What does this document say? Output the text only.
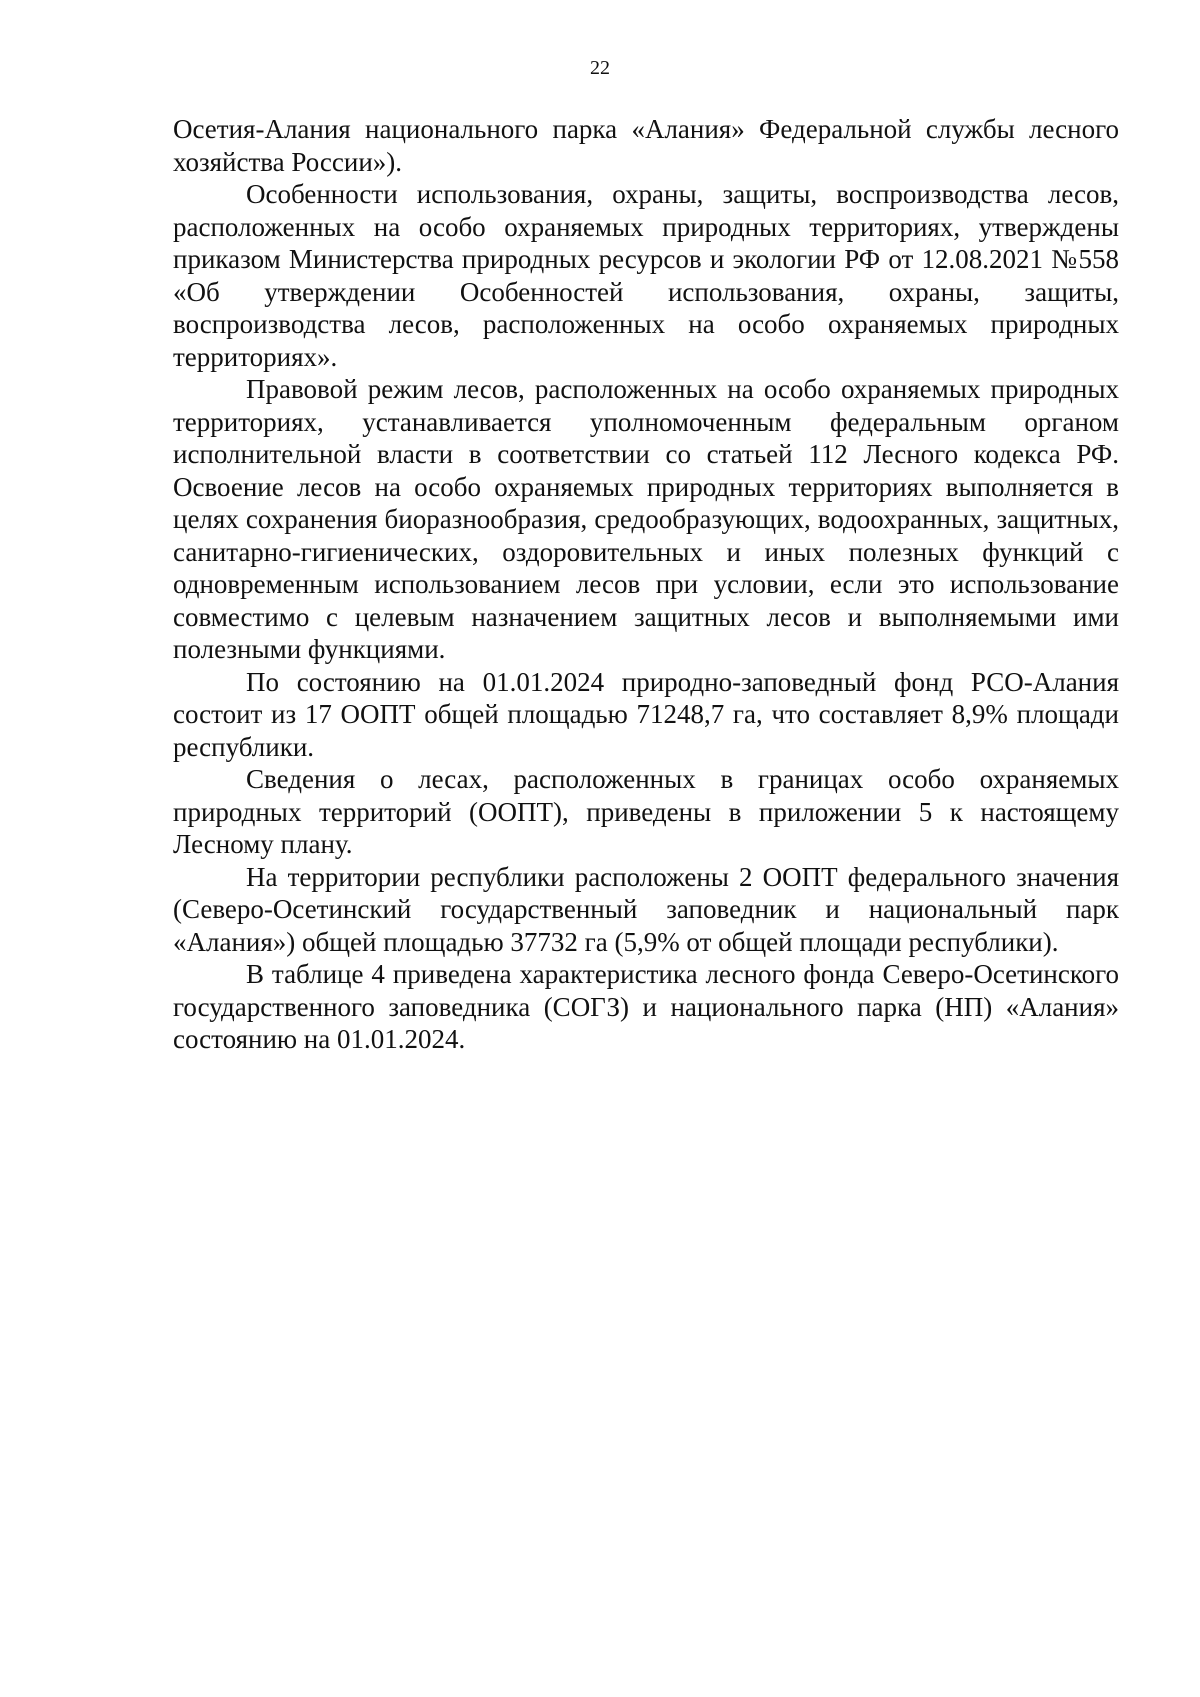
22

Осетия-Алания национального парка «Алания» Федеральной службы лесного хозяйства России»).

Особенности использования, охраны, защиты, воспроизводства лесов, расположенных на особо охраняемых природных территориях, утверждены приказом Министерства природных ресурсов и экологии РФ от 12.08.2021 №558 «Об утверждении Особенностей использования, охраны, защиты, воспроизводства лесов, расположенных на особо охраняемых природных территориях».

Правовой режим лесов, расположенных на особо охраняемых природных территориях, устанавливается уполномоченным федеральным органом исполнительной власти в соответствии со статьей 112 Лесного кодекса РФ. Освоение лесов на особо охраняемых природных территориях выполняется в целях сохранения биоразнообразия, средообразующих, водоохранных, защитных, санитарно-гигиенических, оздоровительных и иных полезных функций с одновременным использованием лесов при условии, если это использование совместимо с целевым назначением защитных лесов и выполняемыми ими полезными функциями.

По состоянию на 01.01.2024 природно-заповедный фонд РСО-Алания состоит из 17 ООПТ общей площадью 71248,7 га, что составляет 8,9% площади республики.

Сведения о лесах, расположенных в границах особо охраняемых природных территорий (ООПТ), приведены в приложении 5 к настоящему Лесному плану.

На территории республики расположены 2 ООПТ федерального значения (Северо-Осетинский государственный заповедник и национальный парк «Алания») общей площадью 37732 га (5,9% от общей площади республики).

В таблице 4 приведена характеристика лесного фонда Северо-Осетинского государственного заповедника (СОГЗ) и национального парка (НП) «Алания» состоянию на 01.01.2024.
